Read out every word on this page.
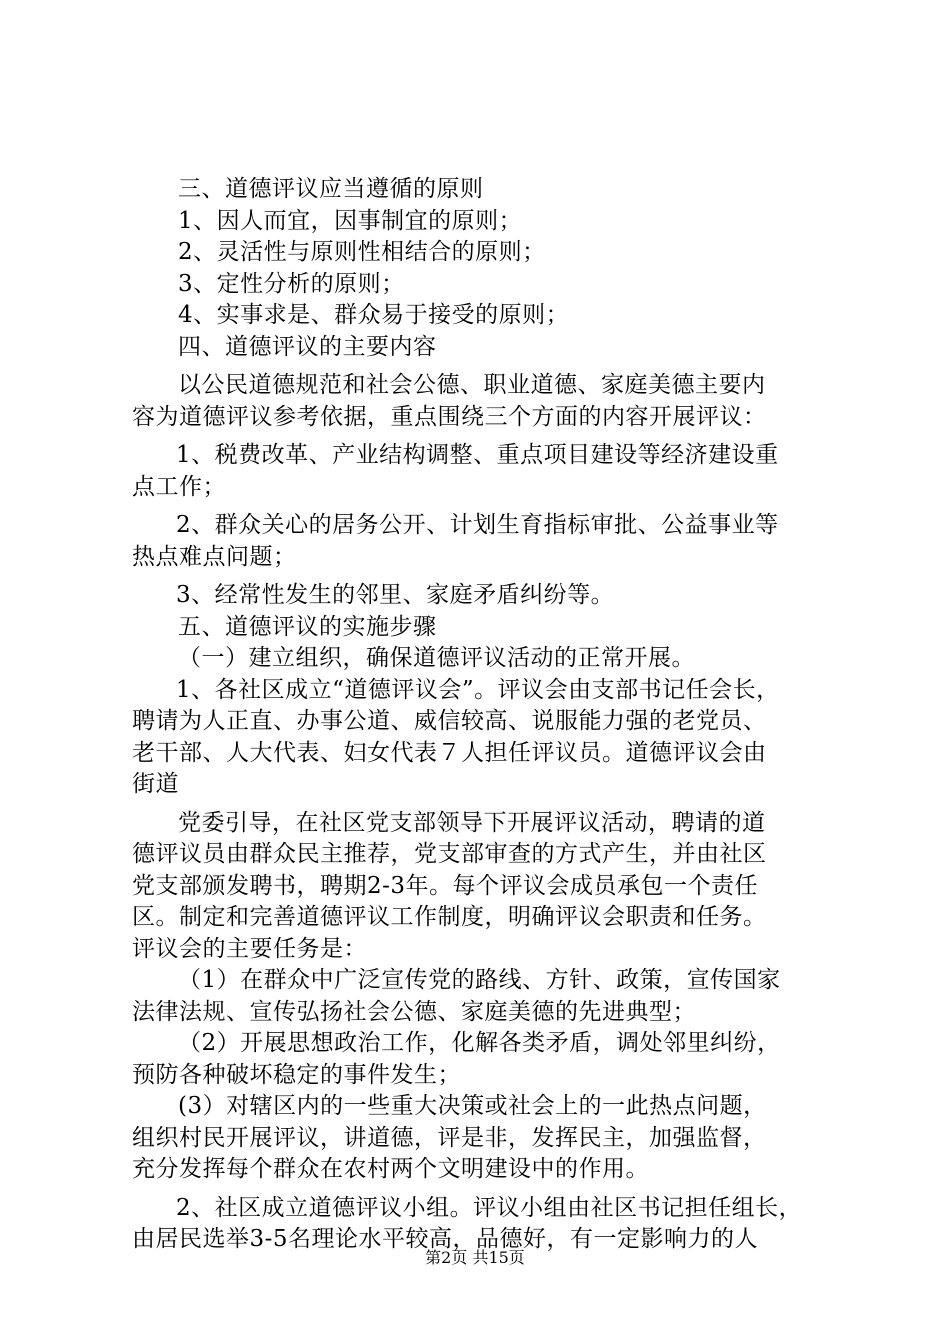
三、道德评议应当遵循的原则

1、因人而宜，因事制宜的原则；

2、灵活性与原则性相结合的原则；

3、定性分析的原则；

4、实事求是、群众易于接受的原则；

四、道德评议的主要内容

以公民道德规范和社会公德、职业道德、家庭美德主要内

容为道德评议参考依据，重点围绕三个方面的内容开展评议：

1、税费改革、产业结构调整、重点项目建设等经济建设重

点工作；

2、群众关心的居务公开、计划生育指标审批、公益事业等

热点难点问题；

3、经常性发生的邻里、家庭矛盾纠纷等。

五、道德评议的实施步骤

（一）建立组织，确保道德评议活动的正常开展。

1、各社区成立“道德评议会”。评议会由支部书记任会长，

聘请为人正直、办事公道、威信较高、说服能力强的老党员、

老干部、人大代表、妇女代表７人担任评议员。道德评议会由

街道

党委引导，在社区党支部领导下开展评议活动，聘请的道

德评议员由群众民主推荐，党支部审查的方式产生，并由社区

党支部颁发聘书，聘期2-3年。每个评议会成员承包一个责任

区。制定和完善道德评议工作制度，明确评议会职责和任务。

评议会的主要任务是：

（1）在群众中广泛宣传党的路线、方针、政策，宣传国家

法律法规、宣传弘扬社会公德、家庭美德的先进典型；

（2）开展思想政治工作，化解各类矛盾，调处邻里纠纷，

预防各种破坏稳定的事件发生；

(3）对辖区内的一些重大决策或社会上的一此热点问题，

组织村民开展评议，讲道德，评是非，发挥民主，加强监督，

充分发挥每个群众在农村两个文明建设中的作用。

2、社区成立道德评议小组。评议小组由社区书记担任组长，

由居民选举3-5名理论水平较高，品德好，有一定影响力的人

第2页 共15页
